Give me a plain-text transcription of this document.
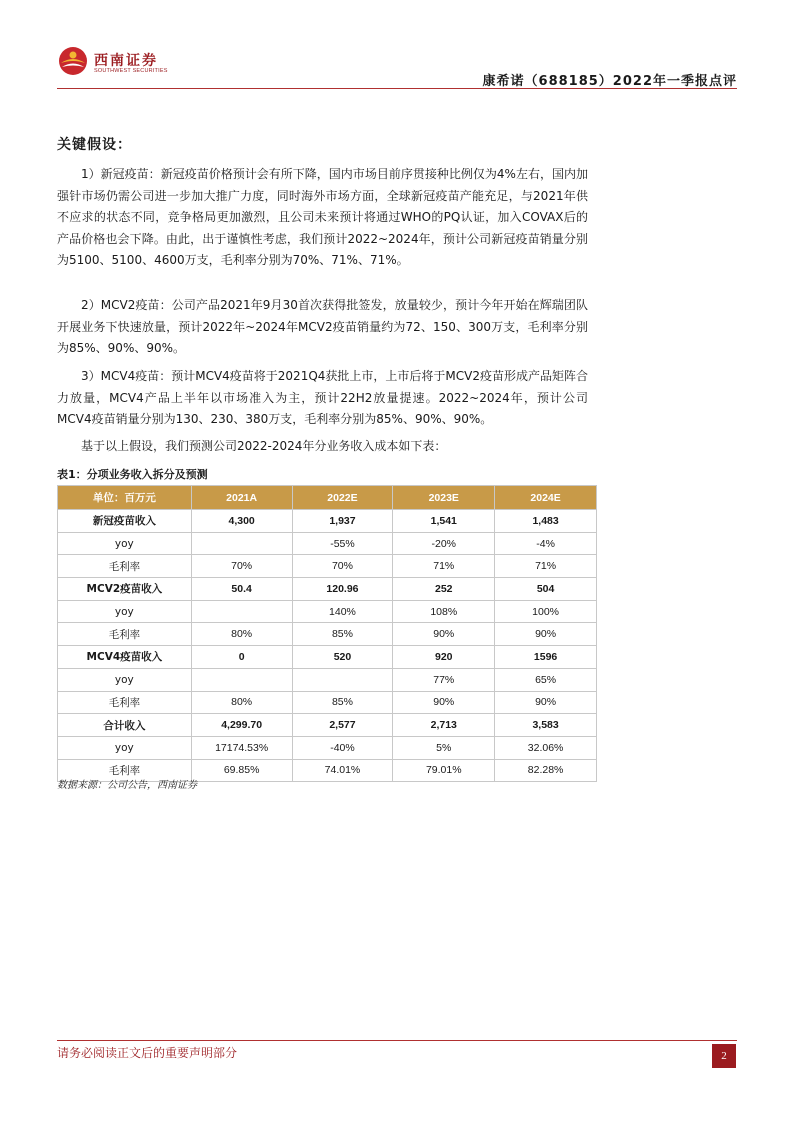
西南证券
SOUTHWEST SECURITIES
康希诺（688185）2022年一季报点评
关键假设：
1）新冠疫苗：新冠疫苗价格预计会有所下降，国内市场目前序贯接种比例仅为4%左右，国内加强针市场仍需公司进一步加大推广力度，同时海外市场方面，全球新冠疫苗产能充足，与2021年供不应求的状态不同，竞争格局更加激烈，且公司未来预计将通过WHO的PQ认证，加入COVAX后的产品价格也会下降。由此，出于谨慎性考虑，我们预计2022~2024年，预计公司新冠疫苗销量分别为5100、5100、4600万支，毛利率分别为70%、71%、71%。
2）MCV2疫苗：公司产品2021年9月30首次获得批签发，放量较少，预计今年开始在辉瑞团队开展业务下快速放量，预计2022年~2024年MCV2疫苗销量约为72、150、300万支，毛利率分别为85%、90%、90%。
3）MCV4疫苗：预计MCV4疫苗将于2021Q4获批上市，上市后将于MCV2疫苗形成产品矩阵合力放量，MCV4产品上半年以市场准入为主，预计22H2放量提速。2022~2024年，预计公司MCV4疫苗销量分别为130、230、380万支，毛利率分别为85%、90%、90%。
基于以上假设，我们预测公司2022-2024年分业务收入成本如下表：
表1：分项业务收入拆分及预测
单位：百万元	2021A	2022E	2023E	2024E
新冠疫苗收入	4,300	1,937	1,541	1,483
yoy		-55%	-20%	-4%
毛利率	70%	70%	71%	71%
MCV2疫苗收入	50.4	120.96	252	504
yoy		140%	108%	100%
毛利率	80%	85%	90%	90%
MCV4疫苗收入	0	520	920	1596
yoy			77%	65%
毛利率	80%	85%	90%	90%
合计收入	4,299.70	2,577	2,713	3,583
yoy	17174.53%	-40%	5%	32.06%
毛利率	69.85%	74.01%	79.01%	82.28%
数据来源：公司公告，西南证券
请务必阅读正文后的重要声明部分	2
